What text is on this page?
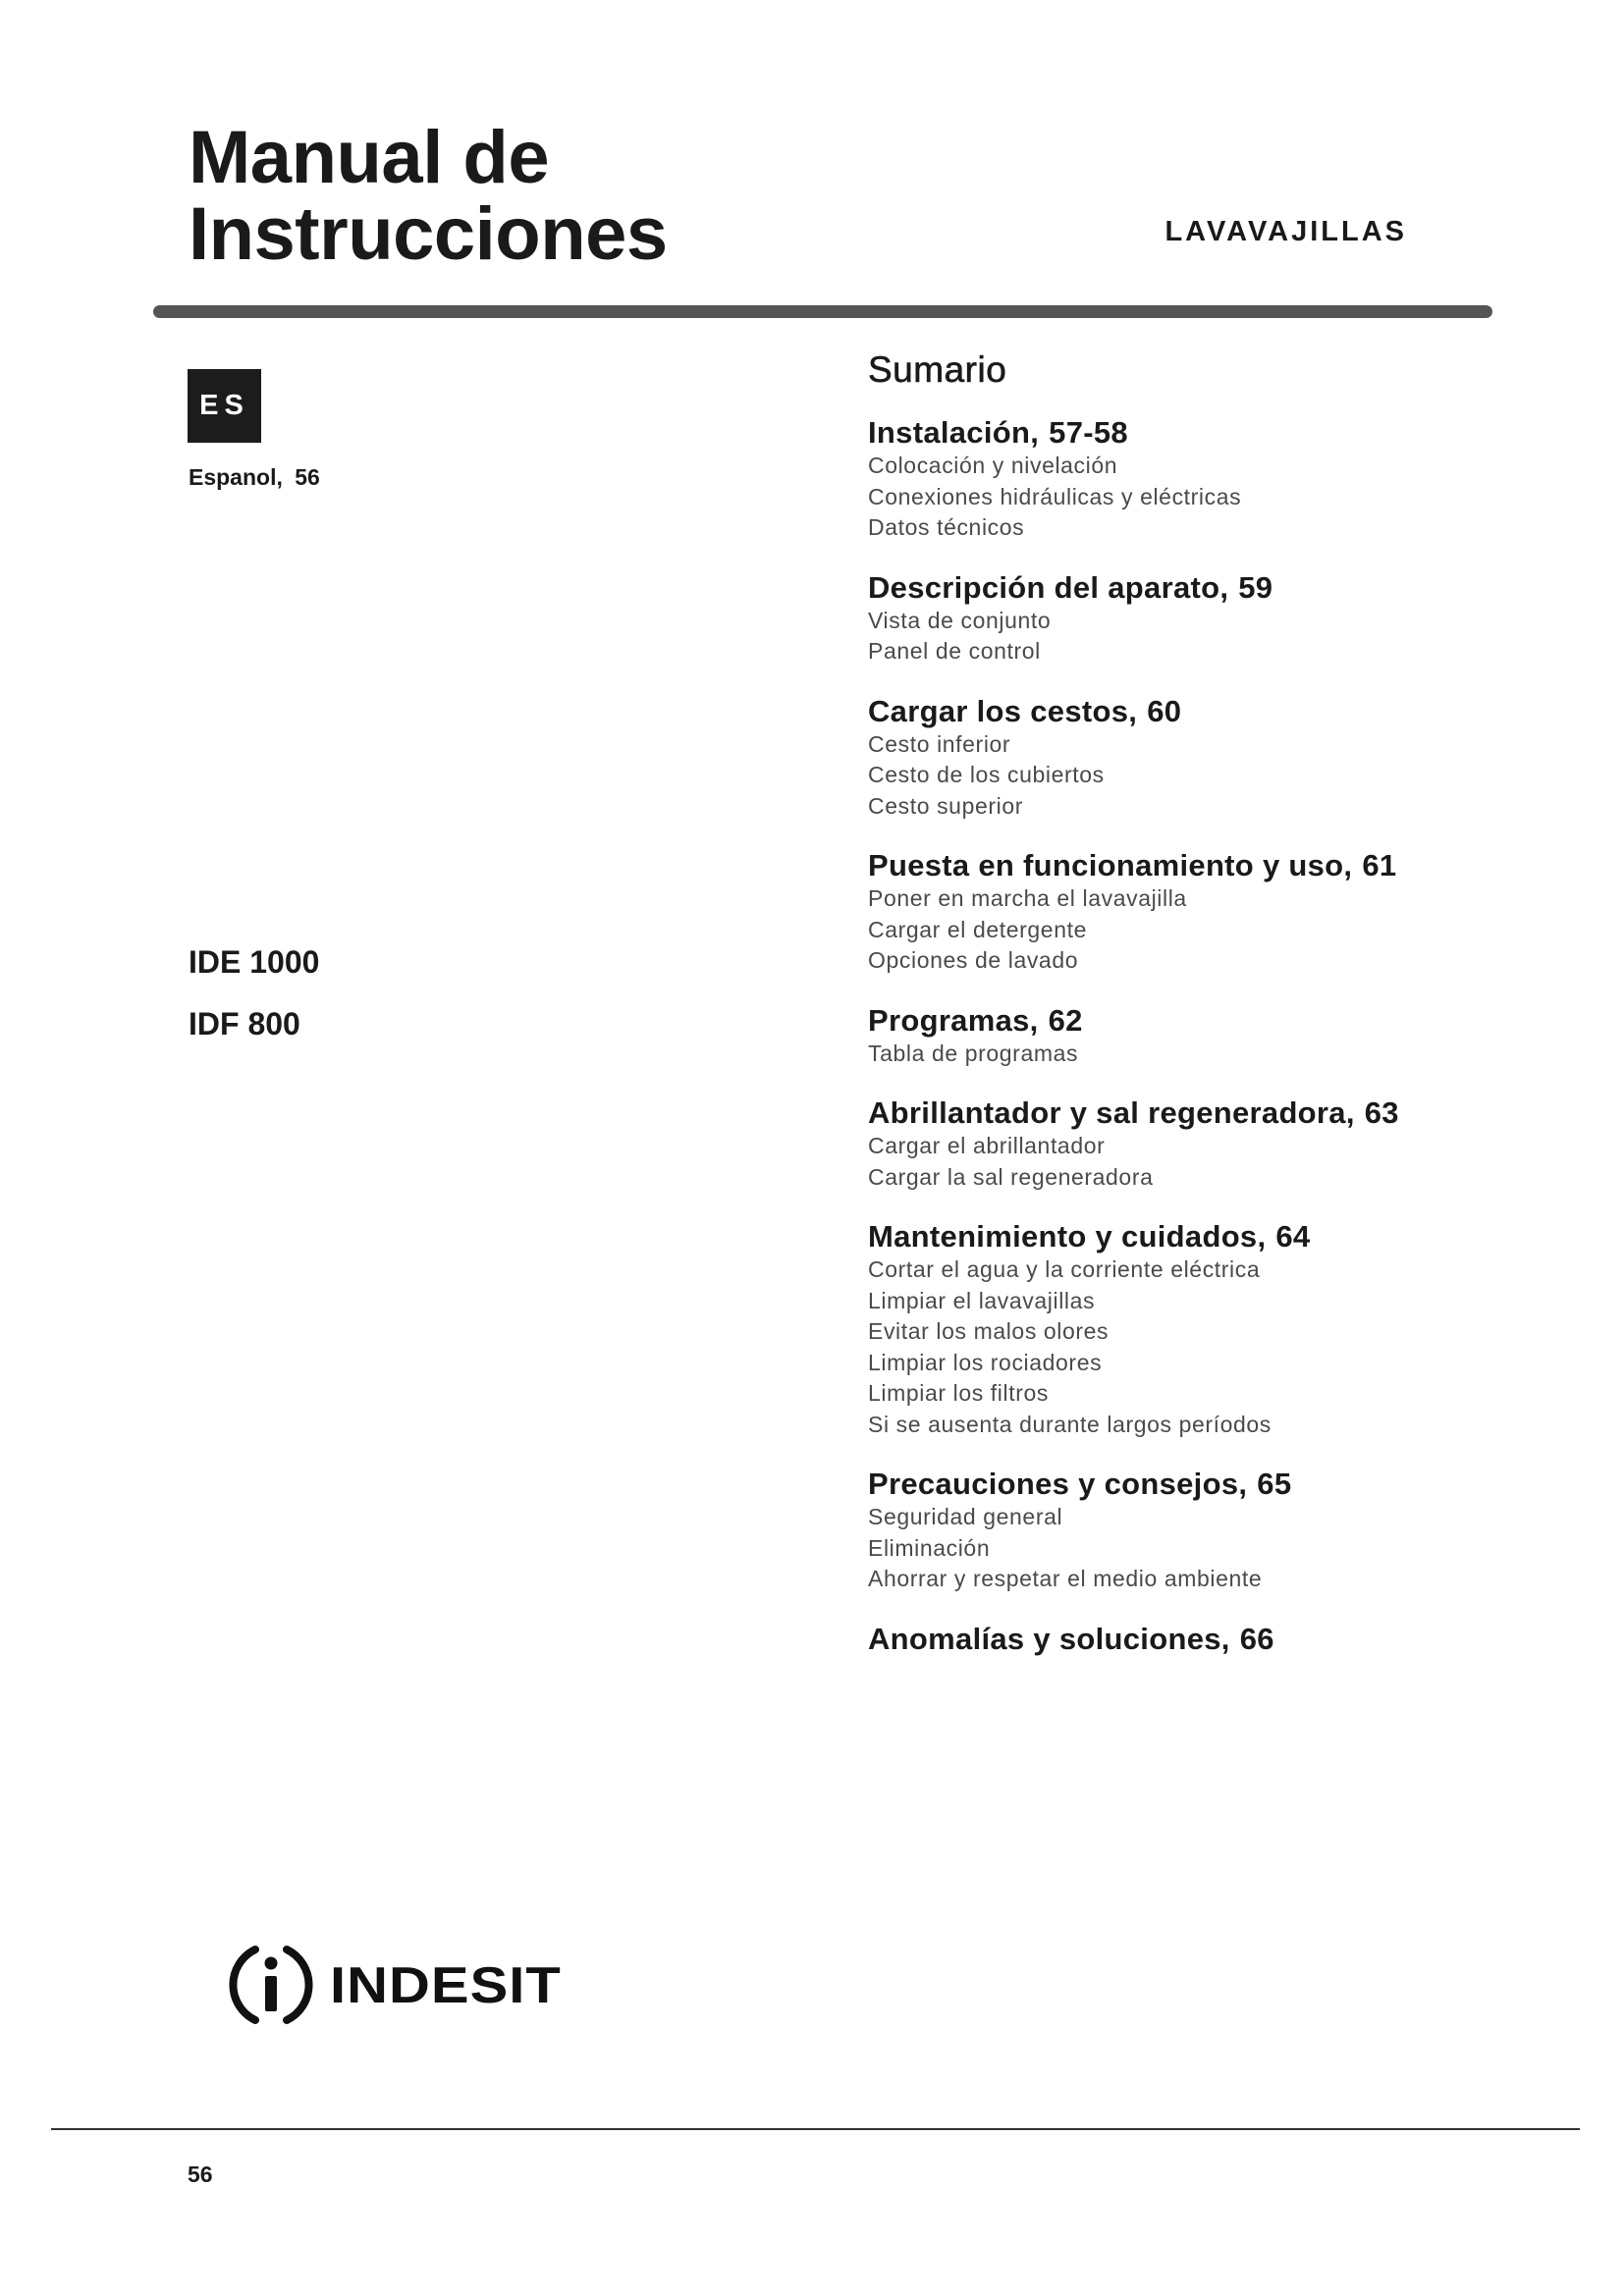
Manual de
Instrucciones	LAVAVAJILLAS
ES
Espanol, 56
IDE 1000
IDF 800
Sumario
Instalación, 57-58
Colocación y nivelación
Conexiones hidráulicas y eléctricas
Datos técnicos
Descripción del aparato, 59
Vista de conjunto
Panel de control
Cargar los cestos, 60
Cesto inferior
Cesto de los cubiertos
Cesto superior
Puesta en funcionamiento y uso, 61
Poner en marcha el lavavajilla
Cargar el detergente
Opciones de lavado
Programas, 62
Tabla de programas
Abrillantador y sal regeneradora, 63
Cargar el abrillantador
Cargar la sal regeneradora
Mantenimiento y cuidados, 64
Cortar el agua y la corriente eléctrica
Limpiar el lavavajillas
Evitar los malos olores
Limpiar los rociadores
Limpiar los filtros
Si se ausenta durante largos períodos
Precauciones y consejos, 65
Seguridad general
Eliminación
Ahorrar y respetar el medio ambiente
Anomalías y soluciones, 66
INDESIT
56
